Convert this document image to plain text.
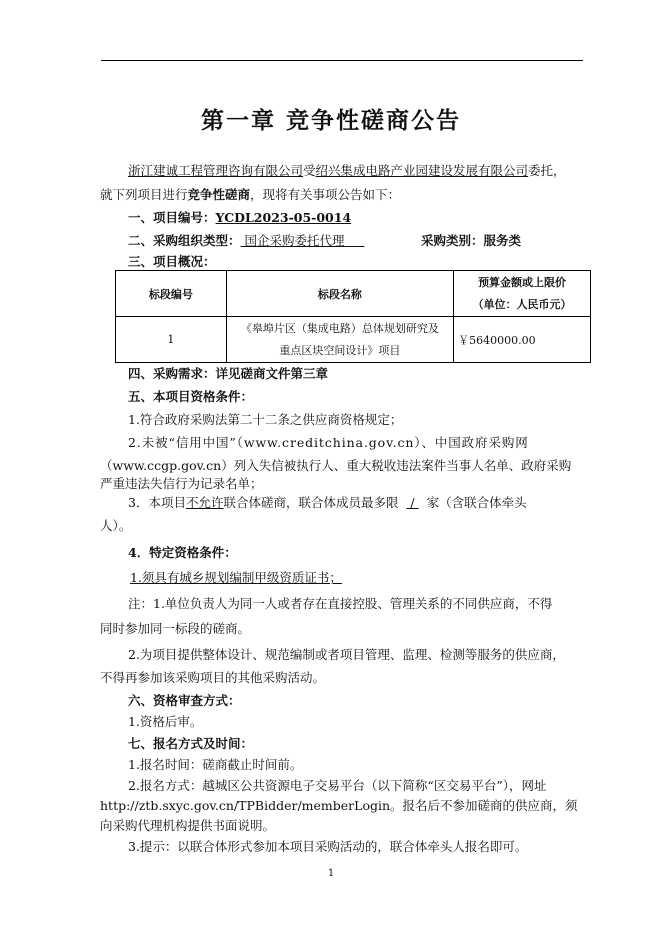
第一章 竞争性磋商公告
浙江建诚工程管理咨询有限公司受绍兴集成电路产业园建设发展有限公司委托，
就下列项目进行竞争性磋商，现将有关事项公告如下：
一、项目编号：YCDL2023-05-0014
二、采购组织类型： 国企采购委托代理	采购类别：服务类
三、项目概况：
标段编号	标段名称	预算金额或上限价
（单位：人民币元）

1	《皋埠片区（集成电路）总体规划研究及
重点区块空间设计》项目	￥5640000.00
四、采购需求：详见磋商文件第三章
五、本项目资格条件：
1.符合政府采购法第二十二条之供应商资格规定；
2.未被“信用中国”（www.creditchina.gov.cn）、中国政府采购网
（www.ccgp.gov.cn）列入失信被执行人、重大税收违法案件当事人名单、政府采购
严重违法失信行为记录名单；
3．本项目不允许联合体磋商，联合体成员最多限   /   家（含联合体牵头
人）。
4．特定资格条件：
1.须具有城乡规划编制甲级资质证书；
注：1.单位负责人为同一人或者存在直接控股、管理关系的不同供应商，不得
同时参加同一标段的磋商。
2.为项目提供整体设计、规范编制或者项目管理、监理、检测等服务的供应商，
不得再参加该采购项目的其他采购活动。
六、资格审查方式：
1.资格后审。
七、报名方式及时间：
1.报名时间：磋商截止时间前。
2.报名方式：越城区公共资源电子交易平台（以下简称“区交易平台”），网址
http://ztb.sxyc.gov.cn/TPBidder/memberLogin。报名后不参加磋商的供应商，须
向采购代理机构提供书面说明。
3.提示：以联合体形式参加本项目采购活动的，联合体牵头人报名即可。
1
